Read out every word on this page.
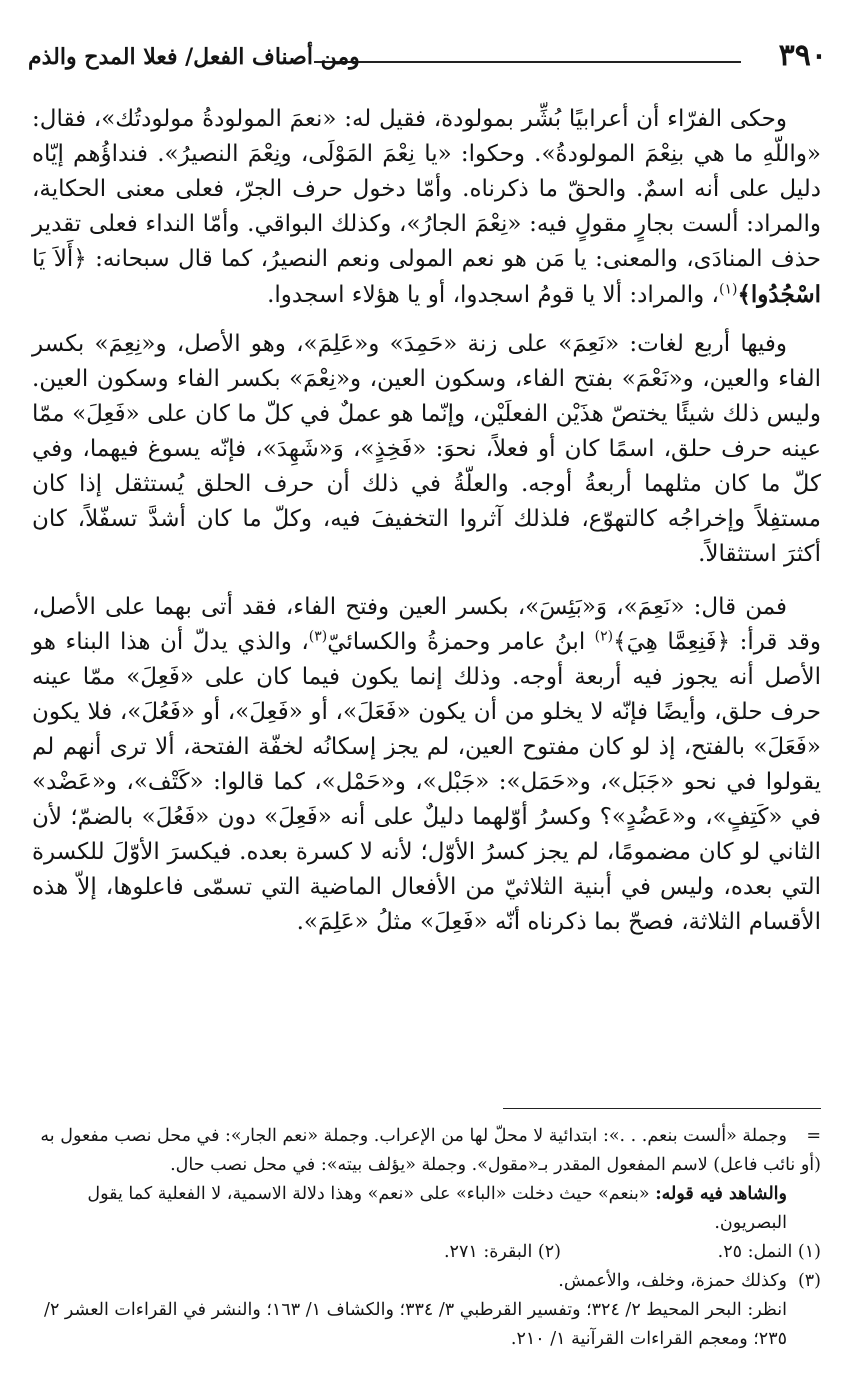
٣٩٠
ومن أصناف الفعل/ فعلا المدح والذم

وحكى الفرّاء أن أعرابيًا بُشِّر بمولودة، فقيل له: «نعمَ المولودةُ مولودتُك»، فقال: «واللّهِ ما هي بنِعْمَ المولودةُ». وحكوا: «يا نِعْمَ المَوْلَى، ونِعْمَ النصيرُ». فنداؤُهم إيّاه دليل على أنه اسمٌ. والحقّ ما ذكرناه. وأمّا دخول حرف الجرّ، فعلى معنى الحكاية، والمراد: ألست بجارٍ مقولٍ فيه: «نِعْمَ الجارُ»، وكذلك البواقي. وأمّا النداء فعلى تقدير حذف المنادَى، والمعنى: يا مَن هو نعم المولى ونعم النصيرُ، كما قال سبحانه: ﴿أَلاَ يَا اسْجُدُوا﴾$^{(١)}$، والمراد: ألا يا قومُ اسجدوا، أو يا هؤلاء اسجدوا.

وفيها أربع لغات: «نَعِمَ» على زنة «حَمِدَ» و«عَلِمَ»، وهو الأصل، و«نِعِمَ» بكسر الفاء والعين، و«نَعْمَ» بفتح الفاء، وسكون العين، و«نِعْمَ» بكسر الفاء وسكون العين. وليس ذلك شيئًا يختصّ هذَيْن الفعلَيْن، وإنّما هو عملٌ في كلّ ما كان على «فَعِلَ» ممّا عينه حرف حلق، اسمًا كان أو فعلاً، نحوَ: «فَخِذٍ»، وَ«شَهِدَ»، فإنّه يسوغ فيهما، وفي كلّ ما كان مثلهما أربعةُ أوجه. والعلّةُ في ذلك أن حرف الحلق يُستثقل إذا كان مستفِلاً وإخراجُه كالتهوّع، فلذلك آثروا التخفيفَ فيه، وكلّ ما كان أشدَّ تسفّلاً، كان أكثرَ استثقالاً.

فمن قال: «نَعِمَ»، وَ«بَئِسَ»، بكسر العين وفتح الفاء، فقد أتى بهما على الأصل، وقد قرأ: ﴿فَنِعِمَّا هِيَ﴾$^{(٢)}$ ابنُ عامر وحمزةُ والكسائيّ$^{(٣)}$، والذي يدلّ أن هذا البناء هو الأصل أنه يجوز فيه أربعة أوجه. وذلك إنما يكون فيما كان على «فَعِلَ» ممّا عينه حرف حلق، وأيضًا فإنّه لا يخلو من أن يكون «فَعَلَ»، أو «فَعِلَ»، أو «فَعُلَ»، فلا يكون «فَعَلَ» بالفتح، إذ لو كان مفتوح العين، لم يجز إسكانُه لخفّة الفتحة، ألا ترى أنهم لم يقولوا في نحو «جَبَل»، و«حَمَل»: «جَبْل»، و«حَمْل»، كما قالوا: «كَتْف»، و«عَضْد» في «كَتِفٍ»، و«عَضُدٍ»؟ وكسرُ أوّلهما دليلٌ على أنه «فَعِلَ» دون «فَعُلَ» بالضمّ؛ لأن الثاني لو كان مضمومًا، لم يجز كسرُ الأوّل؛ لأنه لا كسرة بعده. فيكسرَ الأوّلَ للكسرة التي بعده، وليس في أبنية الثلاثيّ من الأفعال الماضية التي تسمّى فاعلوها، إلاّ هذه الأقسام الثلاثة، فصحّ بما ذكرناه أنّه «فَعِلَ» مثلُ «عَلِمَ».

=وجملة «ألست بنعم. . .»: ابتدائية لا محلّ لها من الإعراب. وجملة «نعم الجار»: في محل نصب مفعول به (أو نائب فاعل) لاسم المفعول المقدر بـ«مقول». وجملة «يؤلف بيته»: في محل نصب حال.
والشاهد فيه قوله: «بنعم» حيث دخلت «الباء» على «نعم» وهذا دلالة الاسمية، لا الفعلية كما يقول البصريون.
(١) النمل: ٢٥.
(٢) البقرة: ٢٧١.
(٣)وكذلك حمزة، وخلف، والأعمش.
انظر: البحر المحيط ٢/ ٣٢٤؛ وتفسير القرطبي ٣/ ٣٣٤؛ والكشاف ١/ ١٦٣؛ والنشر في القراءات العشر ٢/ ٢٣٥؛ ومعجم القراءات القرآنية ١/ ٢١٠.
